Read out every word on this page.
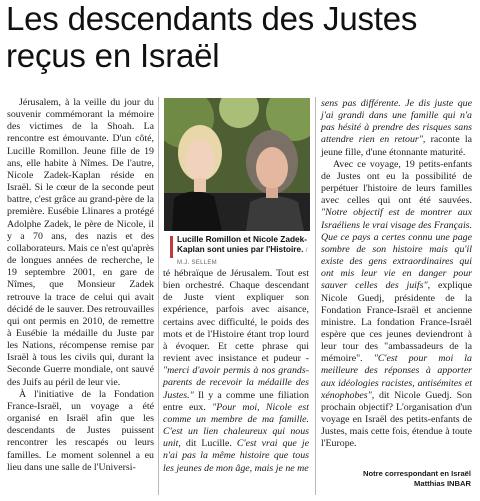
Les descendants des Justes
reçus en Israël

Jérusalem, à la veille du jour du souvenir commémorant la mémoire des victimes de la Shoah. La rencontre est émouvante. D'un côté, Lucille Romillon. Jeune fille de 19 ans, elle habite à Nîmes. De l'autre, Nicole Zadek-Kaplan réside en Israël. Si le cœur de la seconde peut battre, c'est grâce au grand-père de la première. Eusébie Llinares a protégé Adolphe Zadek, le père de Nicole, il y a 70 ans, des nazis et des collaborateurs. Mais ce n'est qu'après de longues années de recherche, le 19 septembre 2001, en gare de Nîmes, que Monsieur Zadek retrouve la trace de celui qui avait décidé de le sauver. Des retrouvailles qui ont permis en 2010, de remettre à Eusébie la médaille du Juste par les Nations, récompense remise par Israël à tous les civils qui, durant la Seconde Guerre mondiale, ont sauvé des Juifs au péril de leur vie.

À l'initiative de la Fondation France-Israël, un voyage a été organisé en Israël afin que les descendants de Justes puissent rencontrer les rescapés ou leurs familles. Le moment solennel a eu lieu dans une salle de l'Universi-

Lucille Romillon et Nicole Zadek-Kaplan sont unies par l'Histoire. / M.J. SELLEM

té hébraïque de Jérusalem. Tout est bien orchestré. Chaque descendant de Juste vient expliquer son expérience, parfois avec aisance, certains avec difficulté, le poids des mots et de l'Histoire étant trop lourd à évoquer. Et cette phrase qui revient avec insistance et pudeur - "merci d'avoir permis à nos grands-parents de recevoir la médaille des Justes." Il y a comme une filiation entre eux. "Pour moi, Nicole est comme un membre de ma famille. C'est un lien chaleureux qui nous unit, dit Lucille. C'est vrai que je n'ai pas la même histoire que tous les jeunes de mon âge, mais je ne me

sens pas différente. Je dis juste que j'ai grandi dans une famille qui n'a pas hésité à prendre des risques sans attendre rien en retour", raconte la jeune fille, d'une étonnante maturité.

Avec ce voyage, 19 petits-enfants de Justes ont eu la possibilité de perpétuer l'histoire de leurs familles avec celles qui ont été sauvées. "Notre objectif est de montrer aux Israéliens le vrai visage des Français. Que ce pays a certes connu une page sombre de son histoire mais qu'il existe des gens extraordinaires qui ont mis leur vie en danger pour sauver celles des juifs", explique Nicole Guedj, présidente de la Fondation France-Israël et ancienne ministre. La fondation France-Israël espère que ces jeunes deviendront à leur tour des "ambassadeurs de la mémoire". "C'est pour moi la meilleure des réponses à apporter aux idéologies racistes, antisémites et xénophobes", dit Nicole Guedj. Son prochain objectif? L'organisation d'un voyage en Israël des petits-enfants de Justes, mais cette fois, étendue à toute l'Europe.

Notre correspondant en Israël
Matthias INBAR
